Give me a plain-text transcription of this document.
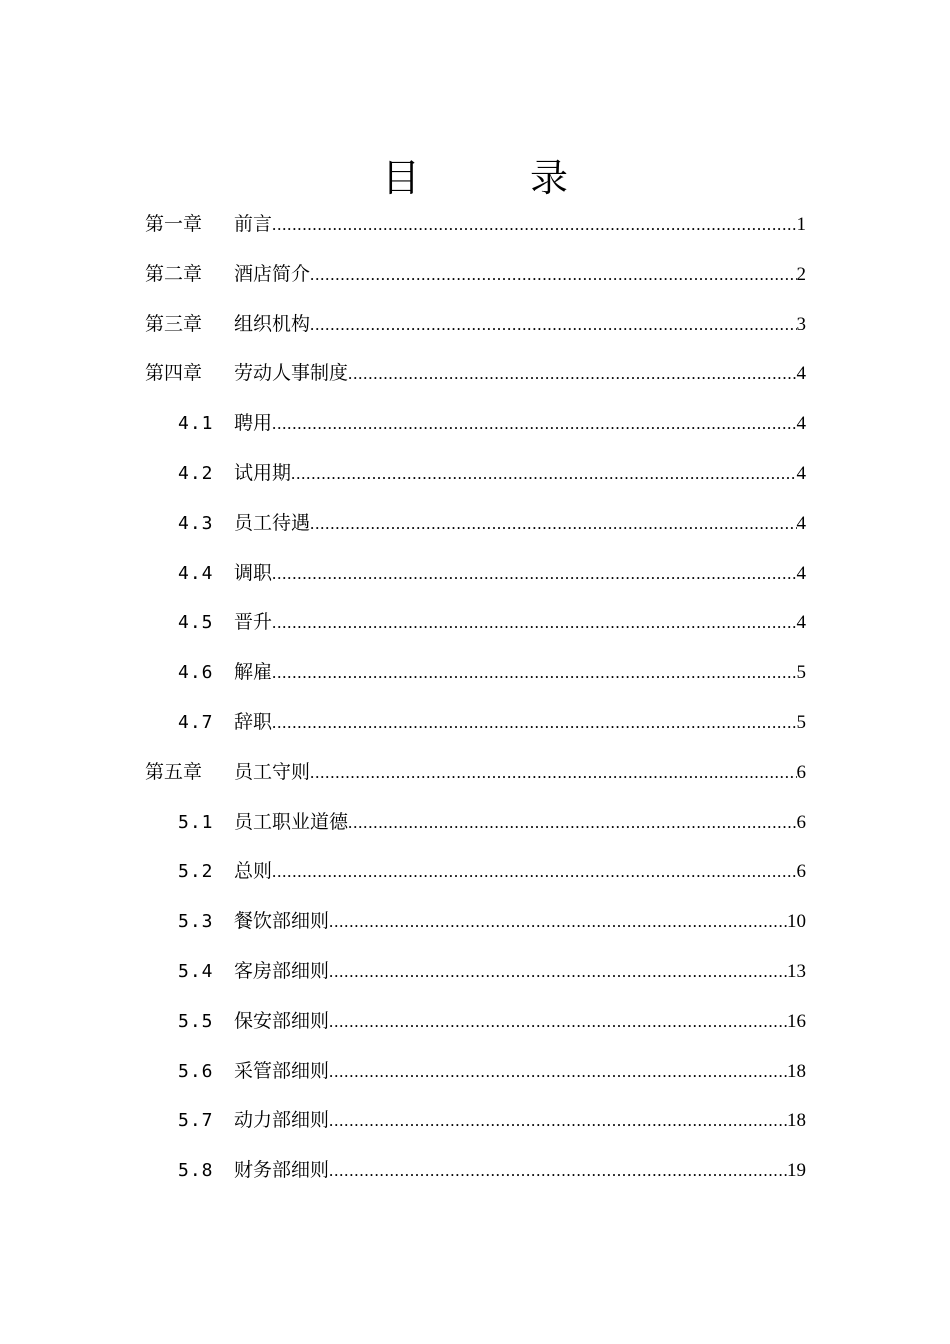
目	录
第一章	前言 .....	1
第二章	酒店简介 .....	2
第三章	组织机构 .....	3
第四章	劳动人事制度 .....	4
4.1	聘用 .....	4
4.2	试用期 .....	4
4.3	员工待遇 .....	4
4.4	调职 .....	4
4.5	晋升 .....	4
4.6	解雇 .....	5
4.7	辞职 .....	5
第五章	员工守则 .....	6
5.1	员工职业道德 .....	6
5.2	总则 .....	6
5.3	餐饮部细则 .....	10
5.4	客房部细则 .....	13
5.5	保安部细则 .....	16
5.6	采管部细则 .....	18
5.7	动力部细则 .....	18
5.8	财务部细则 .....	19
